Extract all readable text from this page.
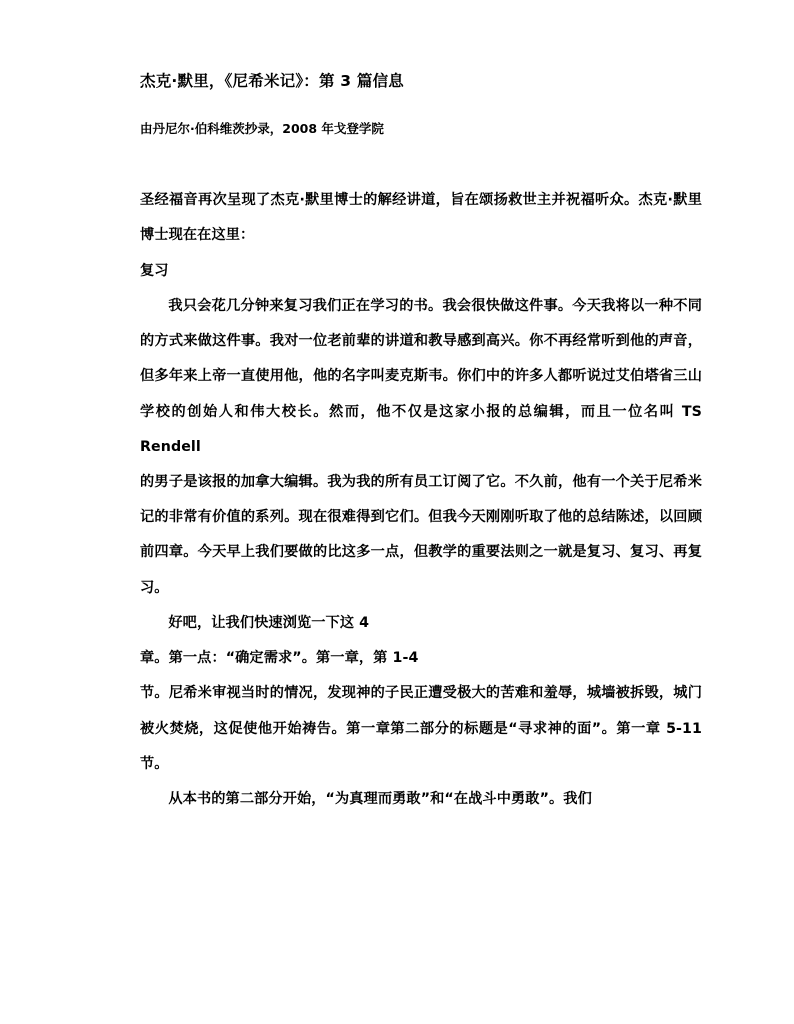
杰克·默里，《尼希米记》：第 3 篇信息
由丹尼尔·伯科维茨抄录，2008 年戈登学院

圣经福音再次呈现了杰克·默里博士的解经讲道，旨在颂扬救世主并祝福听众。杰克·默里博士现在在这里：

复习

我只会花几分钟来复习我们正在学习的书。我会很快做这件事。今天我将以一种不同的方式来做这件事。我对一位老前辈的讲道和教导感到高兴。你不再经常听到他的声音，但多年来上帝一直使用他，他的名字叫麦克斯韦。你们中的许多人都听说过艾伯塔省三山学校的创始人和伟大校长。然而，他不仅是这家小报的总编辑，而且一位名叫 TS Rendell

的男子是该报的加拿大编辑。我为我的所有员工订阅了它。不久前，他有一个关于尼希米记的非常有价值的系列。现在很难得到它们。但我今天刚刚听取了他的总结陈述，以回顾前四章。今天早上我们要做的比这多一点，但教学的重要法则之一就是复习、复习、再复习。

好吧，让我们快速浏览一下这 4

章。第一点：“确定需求”。第一章，第 1-4

节。尼希米审视当时的情况，发现神的子民正遭受极大的苦难和羞辱，城墙被拆毁，城门被火焚烧，这促使他开始祷告。第一章第二部分的标题是“寻求神的面”。第一章 5-11 节。

从本书的第二部分开始，“为真理而勇敢”和“在战斗中勇敢”。我们
